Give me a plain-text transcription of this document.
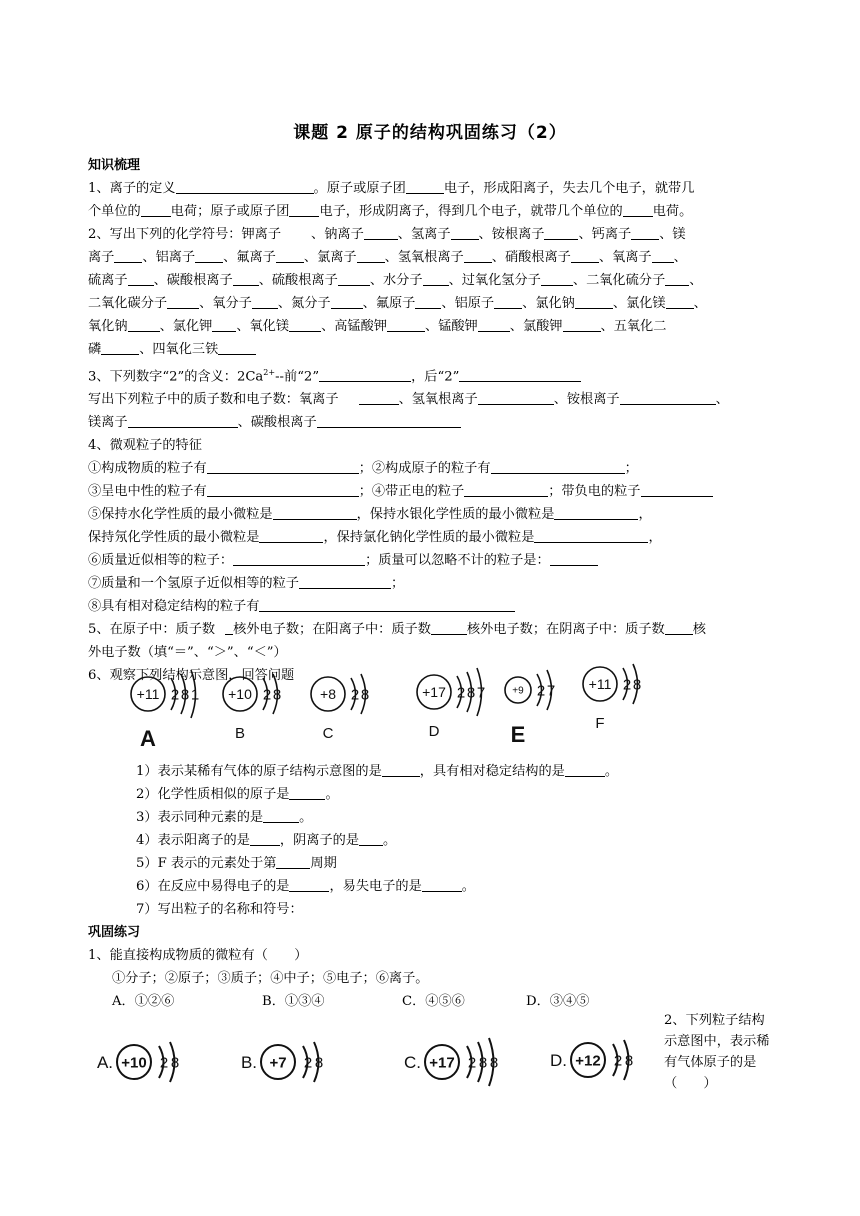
课题 2 原子的结构巩固练习（2）
知识梳理
1、离子的定义	。原子或原子团	电子，形成阳离子，失去几个电子，就带几
个单位的 电荷；原子或原子团 电子，形成阴离子，得到几个电子，就带几个单位的 电荷。
2、写出下列的化学符号：钾离子 、钠离子	、氢离子 、铵根离子	、钙离子 、镁
离子 、铝离子 、氟离子 、氯离子 、氢氧根离子 、硝酸根离子 、氧离子 、
硫离子 、碳酸根离子 、硫酸根离子 、水分子 、过氧化氢分子 、二氧化硫分子 、
二氧化碳分子 、氧分子 、氮分子 、氟原子 、铝原子 、氯化钠	、氯化镁 、
氧化钠 、氯化钾 、氧化镁 、高锰酸钾	、锰酸钾 、氯酸钾	、五氧化二
磷	、四氧化三铁
3、下列数字“2”的含义：$2Ca^{2+}--$前“2”	，后“2”
写出下列粒子中的质子数和电子数：氧离子	、氢氧根离子	、铵根离子	、
镁离子	、碳酸根离子
4、微观粒子的特征
①构成物质的粒子有	；②构成原子的粒子有	；
③呈电中性的粒子有	；④带正电的粒子	；带负电的粒子
⑤保持水化学性质的最小微粒是	，保持水银化学性质的最小微粒是	，
保持氖化学性质的最小微粒是	，保持氯化钠化学性质的最小微粒是	，
⑥质量近似相等的粒子：	；质量可以忽略不计的粒子是：
⑦质量和一个氢原子近似相等的粒子	；
⑧具有相对稳定结构的粒子有
5、在原子中：质子数 核外电子数；在阳离子中：质子数	核外电子数；在阴离子中：质子数 核
外电子数（填“＝”、“＞”、“＜”）
6、观察下列结构示意图，回答问题
A
+11 2 8 1
B
+10 2 8
C
+8 2 8
D
+17 2 8 7
E
+9 2 7
F
+11 2 8
1）表示某稀有气体的原子结构示意图的是	，具有相对稳定结构的是	。
2）化学性质相似的原子是	。
3）表示同种元素的是	。
4）表示阳离子的是 ，阴离子的是 。
5）F 表示的元素处于第	周期
6）在反应中易得电子的是	，易失电子的是	。
7）写出粒子的名称和符号：
巩固练习
1、能直接构成物质的微粒有（　　）
①分子；②原子；③质子；④中子；⑤电子；⑥离子。
A．①②⑥	B．①③④	C．④⑤⑥	D．③④⑤
2、下列粒子结构示意图中，表示稀有气体原子的是（　　）
A. +10 2 8	B. +7 2 8	C. +17 2 8 8	D. +12 2 8
